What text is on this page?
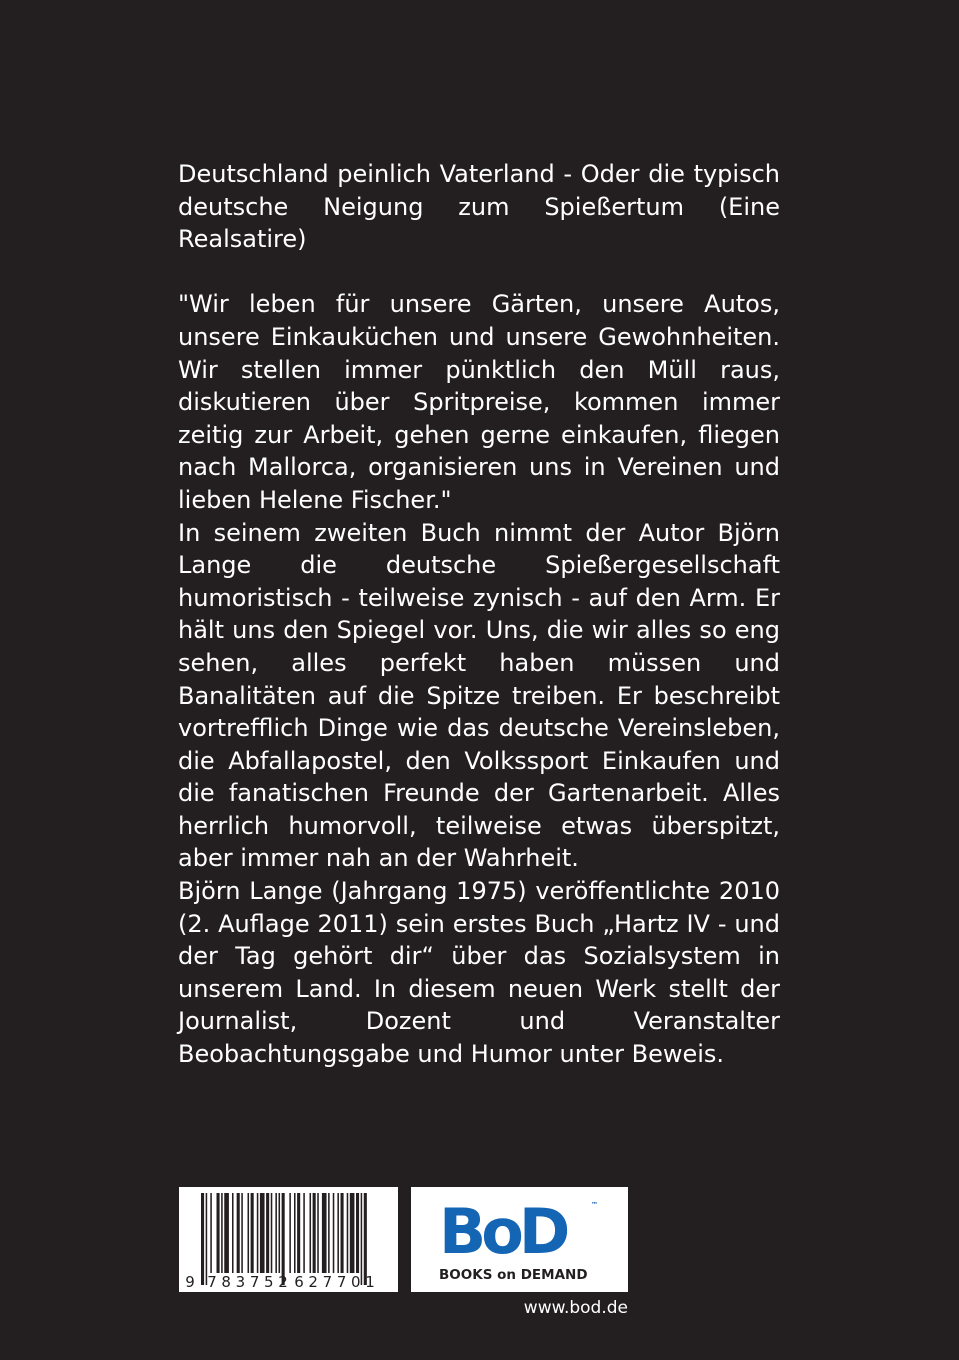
Deutschland peinlich Vaterland - Oder die typisch deutsche Neigung zum Spießertum (Eine Realsatire)

"Wir leben für unsere Gärten, unsere Autos, unsere Einkauküchen und unsere Gewohnheiten. Wir stellen immer pünktlich den Müll raus, diskutieren über Spritpreise, kommen immer zeitig zur Arbeit, gehen gerne einkaufen, fliegen nach Mallorca, organisieren uns in Vereinen und lieben Helene Fischer."

In seinem zweiten Buch nimmt der Autor Björn Lange die deutsche Spießergesellschaft humoristisch - teilweise zynisch - auf den Arm. Er hält uns den Spiegel vor. Uns, die wir alles so eng sehen, alles perfekt haben müssen und Banalitäten auf die Spitze treiben. Er beschreibt vortrefflich Dinge wie das deutsche Vereinsleben, die Abfallapostel, den Volkssport Einkaufen und die fanatischen Freunde der Gartenarbeit. Alles herrlich humorvoll, teilweise etwas überspitzt, aber immer nah an der Wahrheit.

Björn Lange (Jahrgang 1975) veröffentlichte 2010 (2. Auflage 2011) sein erstes Buch „Hartz IV - und der Tag gehört dir“ über das Sozialsystem in unserem Land. In diesem neuen Werk stellt der Journalist, Dozent und Veranstalter Beobachtungsgabe und Humor unter Beweis.

9 7 8 3 7 5 2 6 2 7 7 0 1
BoD	™
BOOKS on DEMAND
www.bod.de
